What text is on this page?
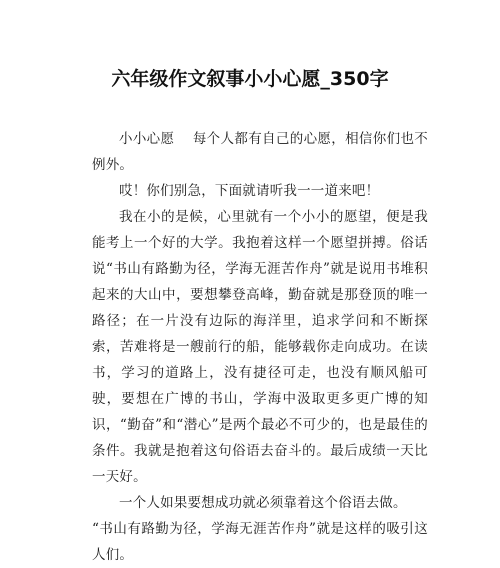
六年级作文叙事小小心愿_350字

小小心愿　 每个人都有自己的心愿，相信你们也不例外。

哎！你们别急，下面就请听我一一道来吧！

我在小的是候，心里就有一个小小的愿望，便是我能考上一个好的大学。我抱着这样一个愿望拼搏。俗话说“书山有路勤为径，学海无涯苦作舟”就是说用书堆积起来的大山中，要想攀登高峰，勤奋就是那登顶的唯一路径；在一片没有边际的海洋里，追求学问和不断探索，苦难将是一艘前行的船，能够载你走向成功。在读书，学习的道路上，没有捷径可走，也没有顺风船可驶，要想在广博的书山，学海中汲取更多更广博的知识，“勤奋”和“潜心”是两个最必不可少的，也是最佳的条件。我就是抱着这句俗语去奋斗的。最后成绩一天比一天好。

一个人如果要想成功就必须靠着这个俗语去做。

“书山有路勤为径，学海无涯苦作舟”就是这样的吸引这人们。
